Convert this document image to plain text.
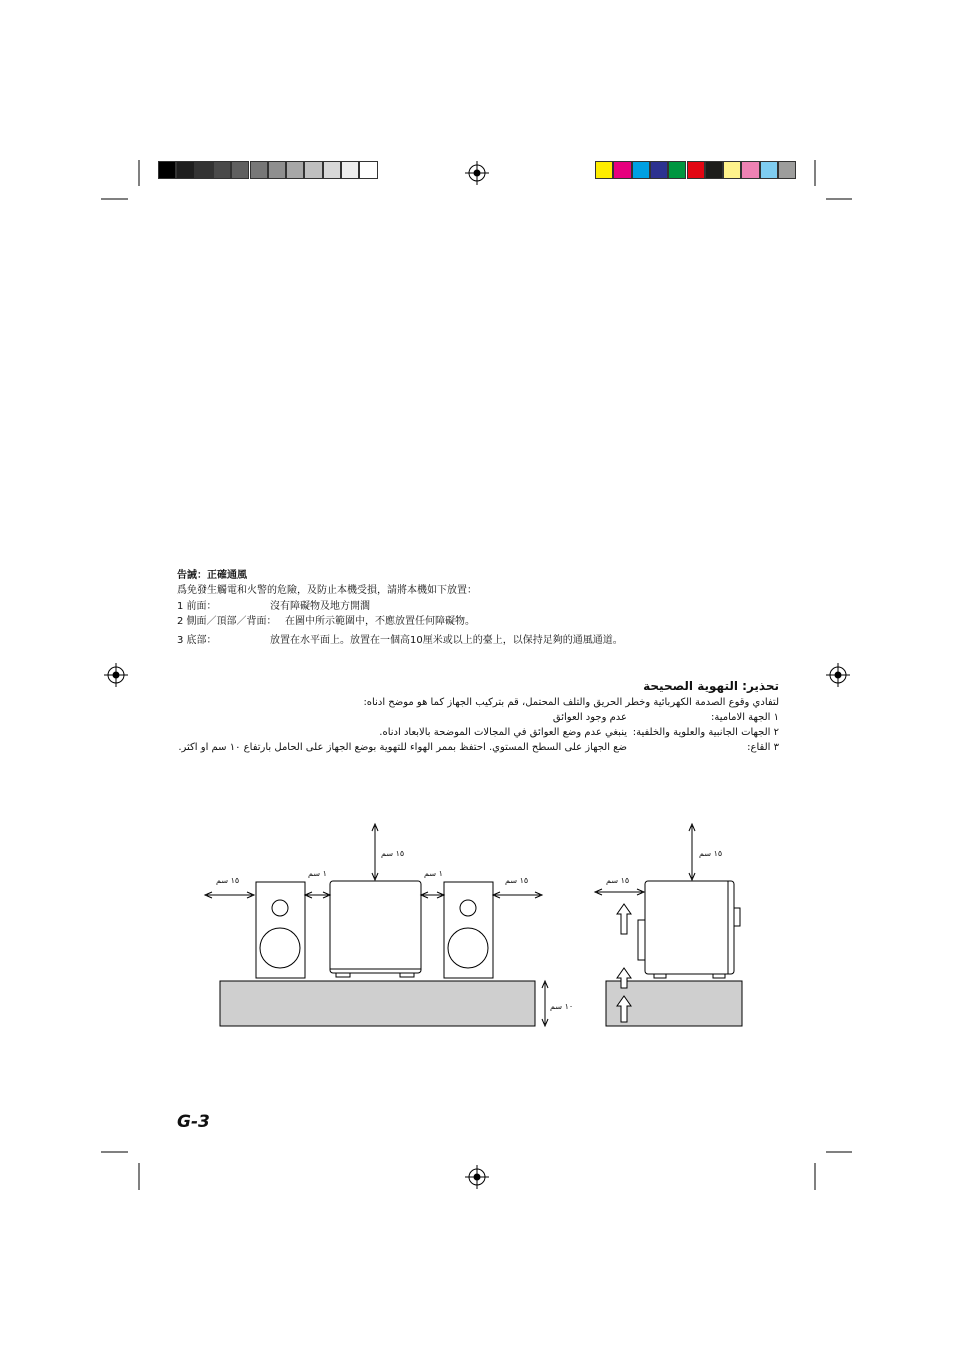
告誡：正確通風
爲免發生觸電和火警的危險，及防止本機受損，請將本機如下放置：
1 前面：	沒有障礙物及地方開濶
2 側面／頂部／背面： 在圖中所示範圍中，不應放置任何障礙物。
3 底部：	放置在水平面上。放置在一個高10厘米或以上的臺上，以保持足夠的通風通道。
تحذير: التهوية الصحيحة
لتفادي وقوع الصدمة الكهربائية وخطر الحريق والتلف المحتمل، قم بتركيب الجهاز كما هو موضح ادناه:
١ الجهة الامامية:
عدم وجود العوائق
٢ الجهات الجانبية والعلوية والخلفية:
ينبغي عدم وضع العوائق في المجالات الموضحة بالابعاد ادناه.
٣ القاع:
ضع الجهاز على السطح المستوي. احتفظ بممر الهواء للتهوية بوضع الجهاز على الحامل بارتفاع ١٠ سم او اكثر.
١٥ سم
١٥ سم
١ سم	١ سم
١٥ سم
١٠ سم
١٥ سم
١٥ سم
G-3
